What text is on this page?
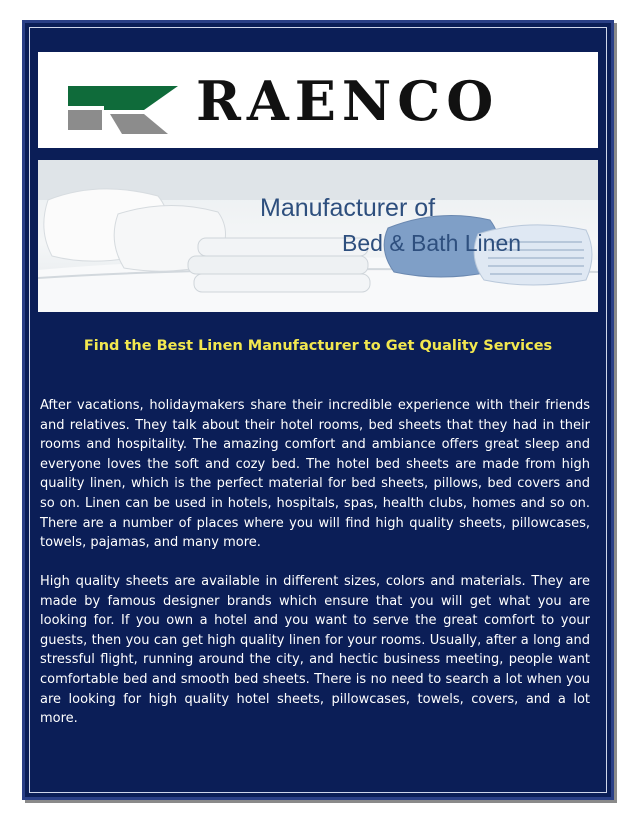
RAENCO
Manufacturer of
Bed & Bath Linen
Find the Best Linen Manufacturer to Get Quality Services

After vacations, holidaymakers share their incredible experience with their friends and relatives. They talk about their hotel rooms, bed sheets that they had in their rooms and hospitality. The amazing comfort and ambiance offers great sleep and everyone loves the soft and cozy bed. The hotel bed sheets are made from high quality linen, which is the perfect material for bed sheets, pillows, bed covers and so on. Linen can be used in hotels, hospitals, spas, health clubs, homes and so on. There are a number of places where you will find high quality sheets, pillowcases, towels, pajamas, and many more.

High quality sheets are available in different sizes, colors and materials. They are made by famous designer brands which ensure that you will get what you are looking for. If you own a hotel and you want to serve the great comfort to your guests, then you can get high quality linen for your rooms. Usually, after a long and stressful flight, running around the city, and hectic business meeting, people want comfortable bed and smooth bed sheets. There is no need to search a lot when you are looking for high quality hotel sheets, pillowcases, towels, covers, and a lot more.
